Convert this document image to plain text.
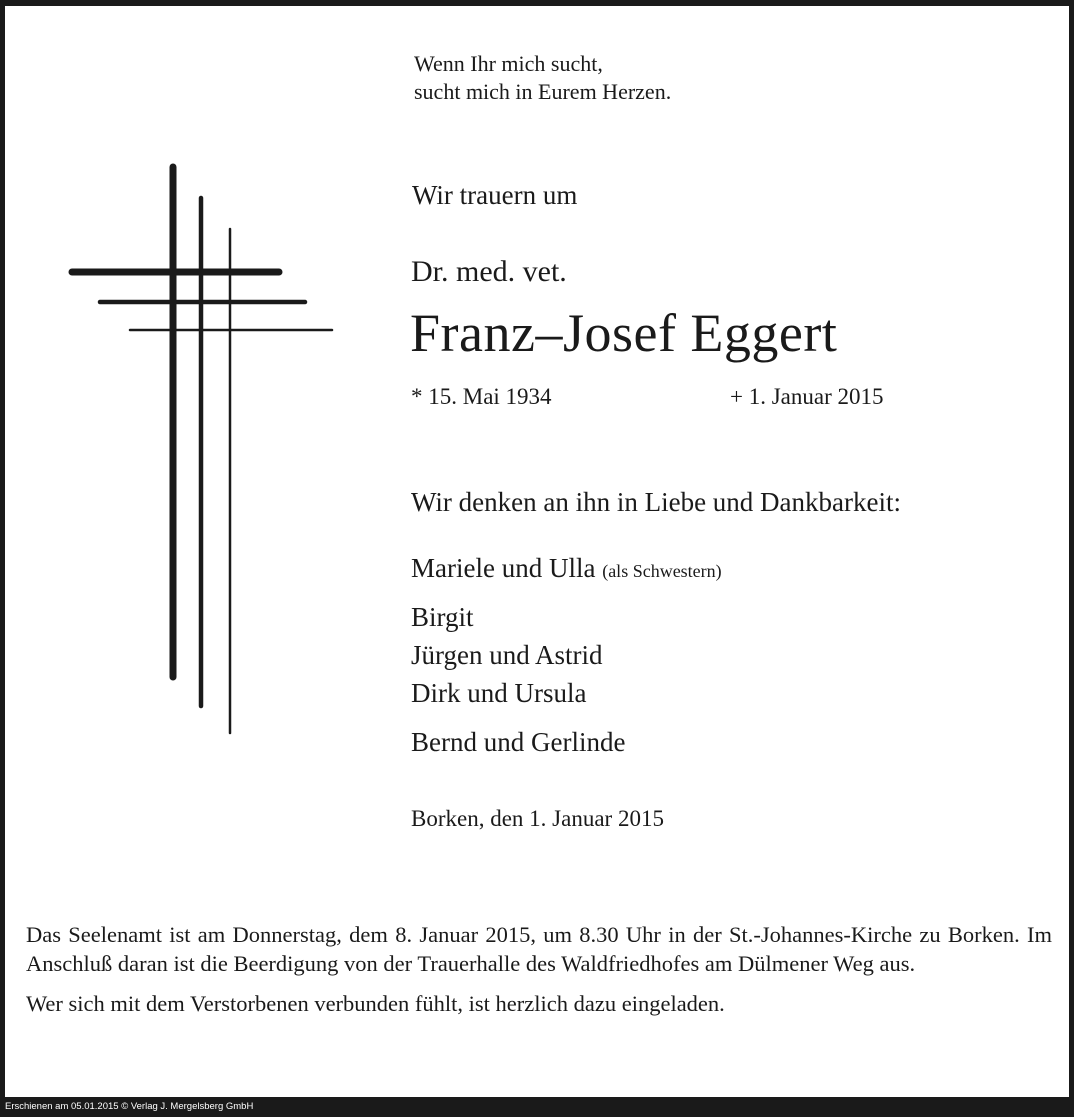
Wenn Ihr mich sucht,
sucht mich in Eurem Herzen.
Wir trauern um
Dr. med. vet.
Franz–Josef Eggert
* 15. Mai 1934	+ 1. Januar 2015
Wir denken an ihn in Liebe und Dankbarkeit:
Mariele und Ulla (als Schwestern)
Birgit
Jürgen und Astrid
Dirk und Ursula
Bernd und Gerlinde
Borken, den 1. Januar 2015

Das Seelenamt ist am Donnerstag, dem 8. Januar 2015, um 8.30 Uhr in der St.-Johannes-Kirche zu Borken. Im Anschluß daran ist die Beerdigung von der Trauerhalle des Waldfriedhofes am Dülmener Weg aus.

Wer sich mit dem Verstorbenen verbunden fühlt, ist herzlich dazu eingeladen.

Erschienen am 05.01.2015 © Verlag J. Mergelsberg GmbH
